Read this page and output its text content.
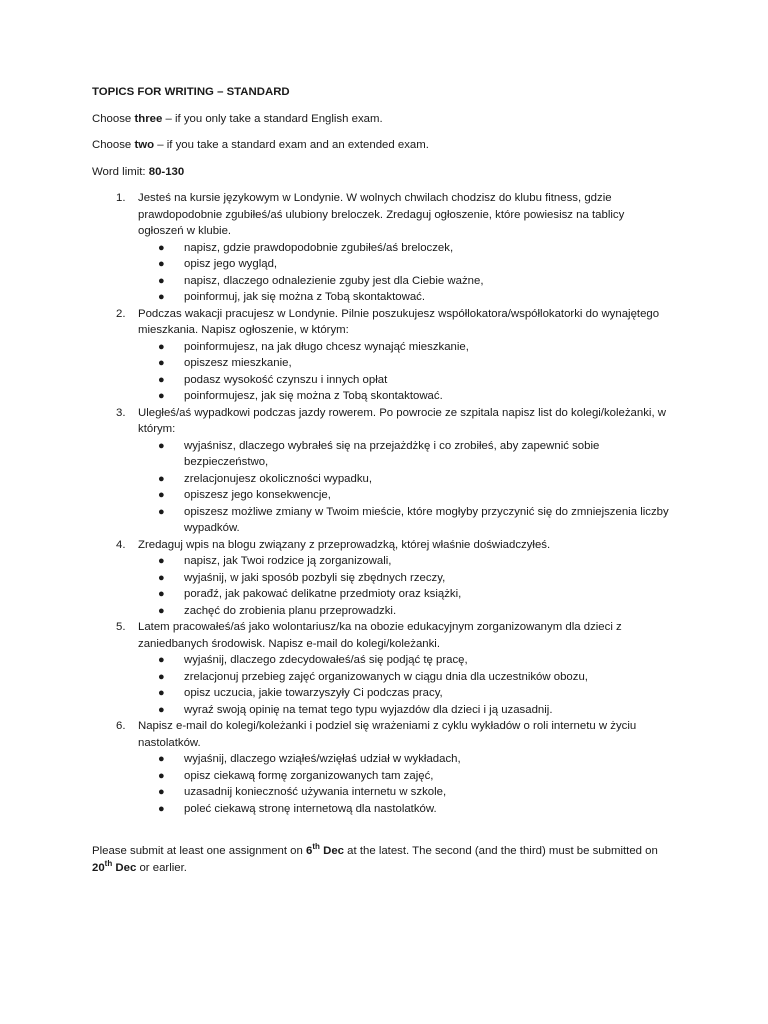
TOPICS FOR WRITING – STANDARD
Choose three – if you only take a standard English exam.
Choose two – if you take a standard exam and an extended exam.
Word limit: 80-130
1. Jesteś na kursie językowym w Londynie. W wolnych chwilach chodzisz do klubu fitness, gdzie prawdopodobnie zgubiłeś/aś ulubiony breloczek. Zredaguj ogłoszenie, które powiesisz na tablicy ogłoszeń w klubie.
● napisz, gdzie prawdopodobnie zgubiłeś/aś breloczek,
● opisz jego wygląd,
● napisz, dlaczego odnalezienie zguby jest dla Ciebie ważne,
● poinformuj, jak się można z Tobą skontaktować.
2. Podczas wakacji pracujesz w Londynie. Pilnie poszukujesz współlokatora/współlokatorki do wynajętego mieszkania. Napisz ogłoszenie, w którym:
● poinformujesz, na jak długo chcesz wynająć mieszkanie,
● opiszesz mieszkanie,
● podasz wysokość czynszu i innych opłat
● poinformujesz, jak się można z Tobą skontaktować.
3. Uległeś/aś wypadkowi podczas jazdy rowerem. Po powrocie ze szpitala napisz list do kolegi/koleżanki, w którym:
● wyjaśnisz, dlaczego wybrałeś się na przejażdżkę i co zrobiłeś, aby zapewnić sobie bezpieczeństwo,
● zrelacjonujesz okoliczności wypadku,
● opiszesz jego konsekwencje,
● opiszesz możliwe zmiany w Twoim mieście, które mogłyby przyczynić się do zmniejszenia liczby wypadków.
4. Zredaguj wpis na blogu związany z przeprowadzką, której właśnie doświadczyłeś.
● napisz, jak Twoi rodzice ją zorganizowali,
● wyjaśnij, w jaki sposób pozbyli się zbędnych rzeczy,
● porađź, jak pakować delikatne przedmioty oraz książki,
● zachęć do zrobienia planu przeprowadzki.
5. Latem pracowałeś/aś jako wolontariusz/ka na obozie edukacyjnym zorganizowanym dla dzieci z zaniedbanych środowisk. Napisz e-mail do kolegi/koleżanki.
● wyjaśnij, dlaczego zdecydowałeś/aś się podjąć tę pracę,
● zrelacjonuj przebieg zajęć organizowanych w ciągu dnia dla uczestników obozu,
● opisz uczucia, jakie towarzyszyły Ci podczas pracy,
● wyraź swoją opinię na temat tego typu wyjazdów dla dzieci i ją uzasadnij.
6. Napisz e-mail do kolegi/koleżanki i podziel się wrażeniami z cyklu wykładów o roli internetu w życiu nastolatków.
● wyjaśnij, dlaczego wziąłeś/wzięłaś udział w wykładach,
● opisz ciekawą formę zorganizowanych tam zajęć,
● uzasadnij konieczność używania internetu w szkole,
● poleć ciekawą stronę internetową dla nastolatków.
Please submit at least one assignment on 6th Dec at the latest. The second (and the third) must be submitted on 20th Dec or earlier.
